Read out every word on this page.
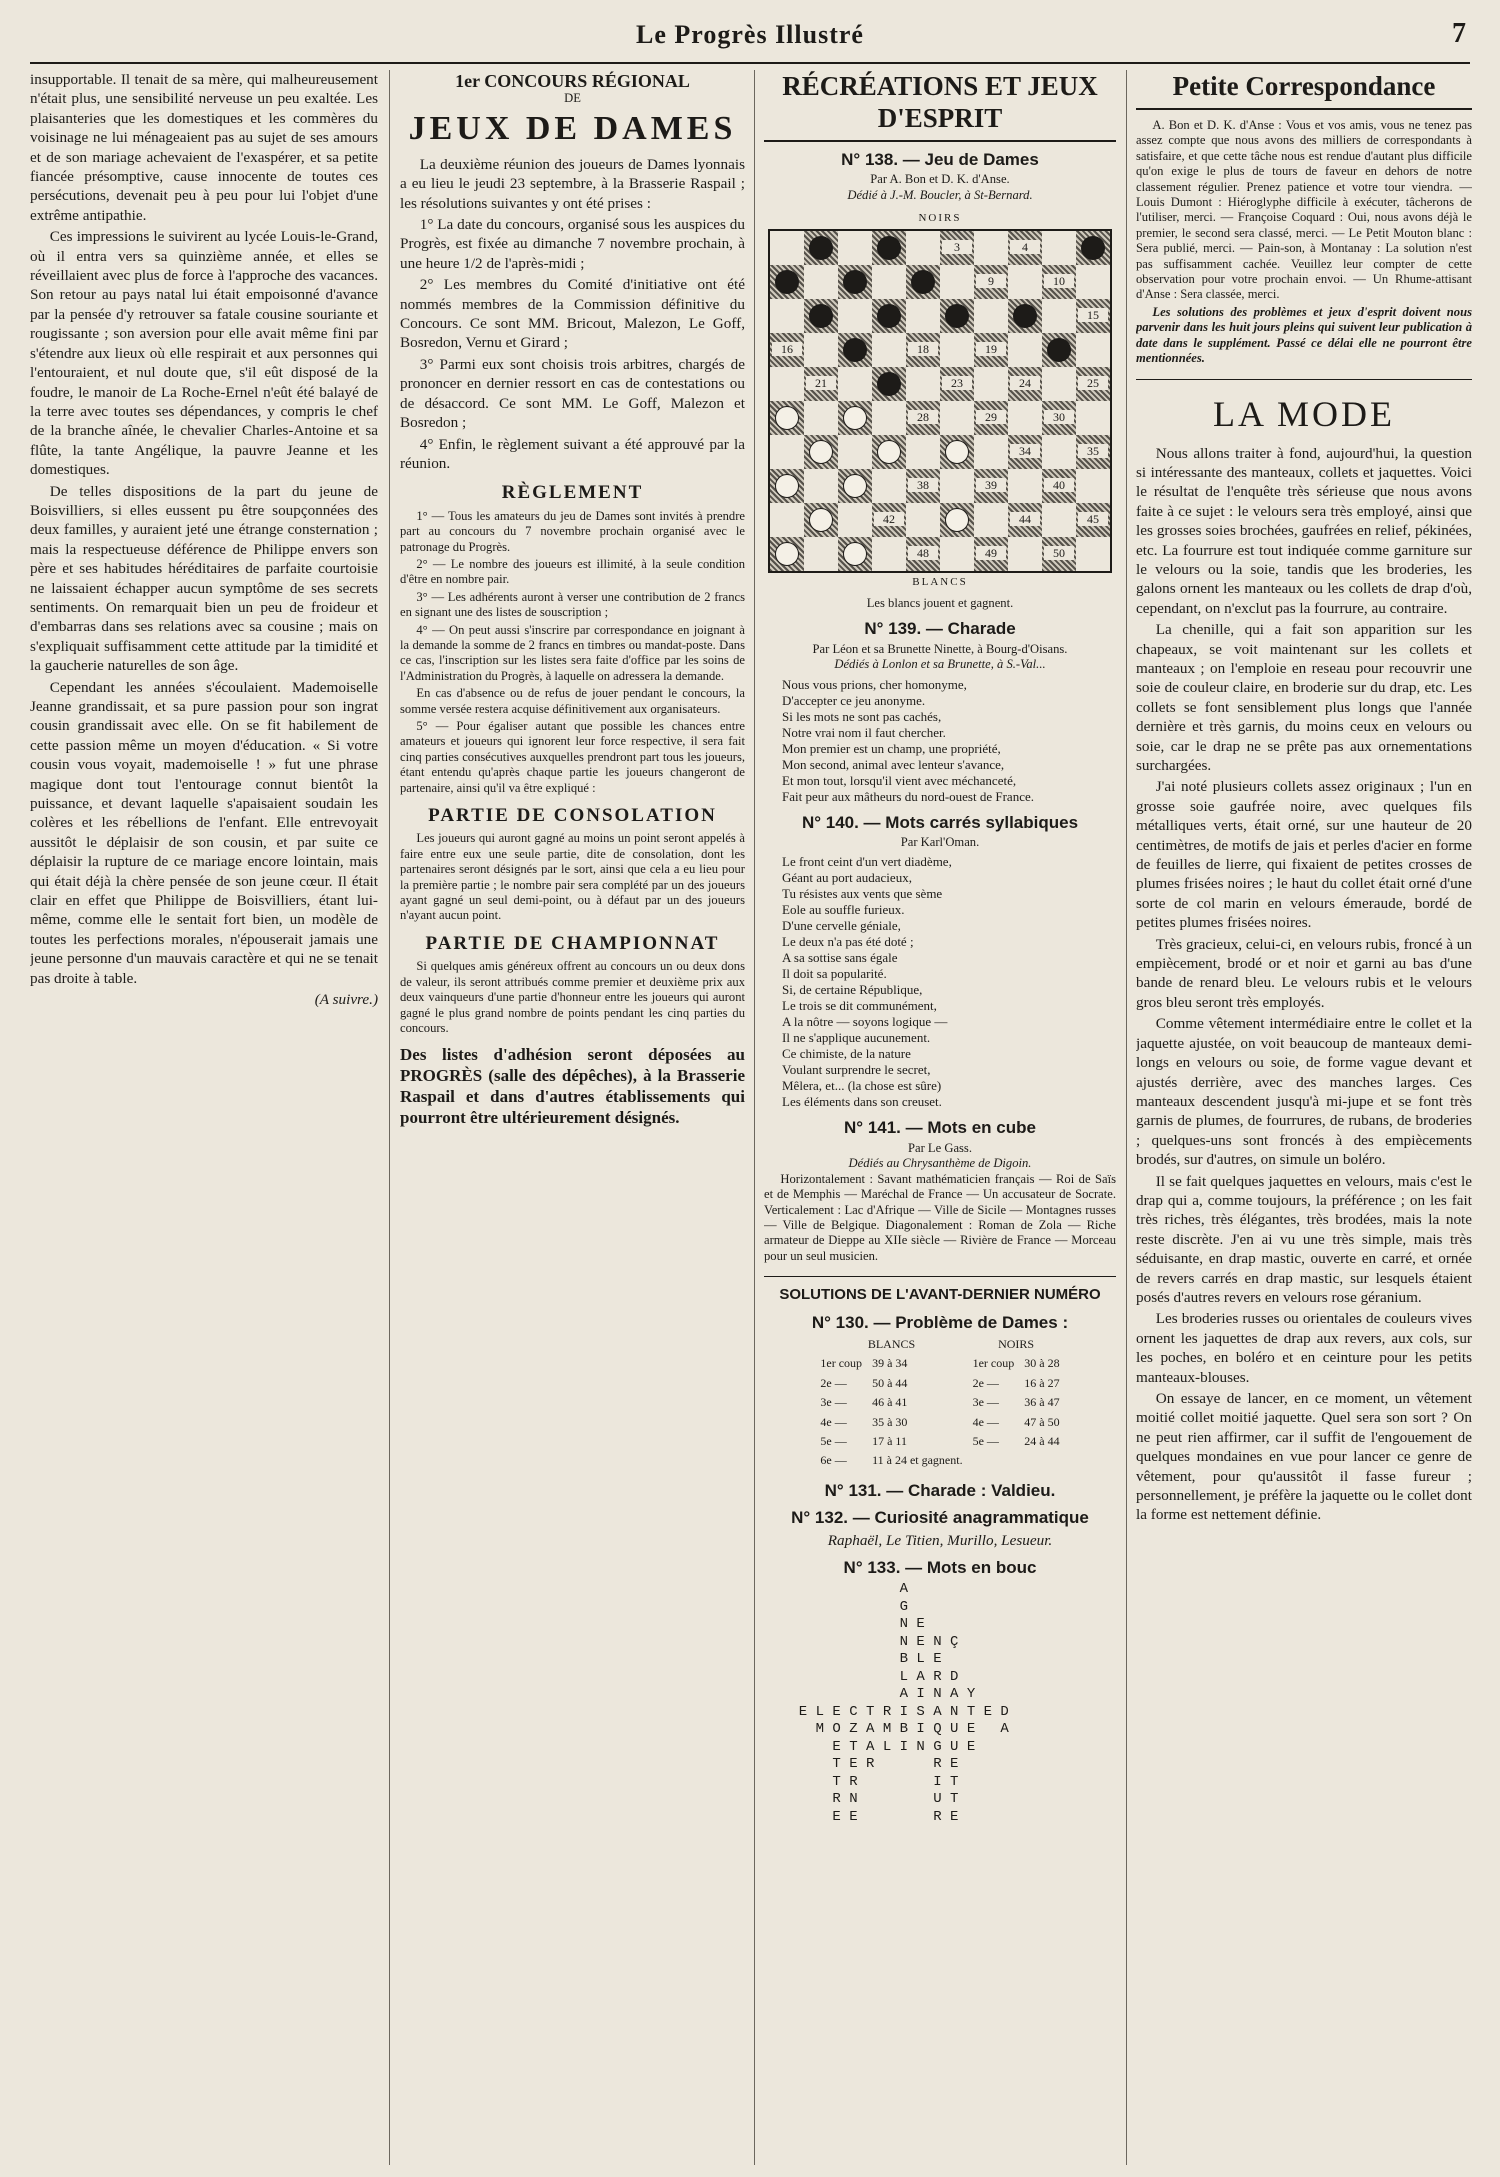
Le Progrès Illustré	7

insupportable. Il tenait de sa mère, qui malheureusement n'était plus, une sensibilité nerveuse un peu exaltée. Les plaisanteries que les domestiques et les commères du voisinage ne lui ménageaient pas au sujet de ses amours et de son mariage achevaient de l'exaspérer, et sa petite fiancée présomptive, cause innocente de toutes ces persécutions, devenait peu à peu pour lui l'objet d'une extrême antipathie.

Ces impressions le suivirent au lycée Louis-le-Grand, où il entra vers sa quinzième année, et elles se réveillaient avec plus de force à l'approche des vacances. Son retour au pays natal lui était empoisonné d'avance par la pensée d'y retrouver sa fatale cousine souriante et rougissante ; son aversion pour elle avait même fini par s'étendre aux lieux où elle respirait et aux personnes qui l'entouraient, et nul doute que, s'il eût disposé de la foudre, le manoir de La Roche-Ernel n'eût été balayé de la terre avec toutes ses dépendances, y compris le chef de la branche aînée, le chevalier Charles-Antoine et sa flûte, la tante Angélique, la pauvre Jeanne et les domestiques.

De telles dispositions de la part du jeune de Boisvilliers, si elles eussent pu être soupçonnées des deux familles, y auraient jeté une étrange consternation ; mais la respectueuse déférence de Philippe envers son père et ses habitudes héréditaires de parfaite courtoisie ne laissaient échapper aucun symptôme de ses secrets sentiments. On remarquait bien un peu de froideur et d'embarras dans ses relations avec sa cousine ; mais on s'expliquait suffisamment cette attitude par la timidité et la gaucherie naturelles de son âge.

Cependant les années s'écoulaient. Mademoiselle Jeanne grandissait, et sa pure passion pour son ingrat cousin grandissait avec elle. On se fit habilement de cette passion même un moyen d'éducation. « Si votre cousin vous voyait, mademoiselle ! » fut une phrase magique dont tout l'entourage connut bientôt la puissance, et devant laquelle s'apaisaient soudain les colères et les rébellions de l'enfant. Elle entrevoyait aussitôt le déplaisir de son cousin, et par suite ce déplaisir la rupture de ce mariage encore lointain, mais qui était déjà la chère pensée de son jeune cœur. Il était clair en effet que Philippe de Boisvilliers, étant lui-même, comme elle le sentait fort bien, un modèle de toutes les perfections morales, n'épouserait jamais une jeune personne d'un mauvais caractère et qui ne se tenait pas droite à table.

(A suivre.)

1er CONCOURS RÉGIONAL
DE
JEUX DE DAMES

La deuxième réunion des joueurs de Dames lyonnais a eu lieu le jeudi 23 septembre, à la Brasserie Raspail ; les résolutions suivantes y ont été prises :

1° La date du concours, organisé sous les auspices du Progrès, est fixée au dimanche 7 novembre prochain, à une heure 1/2 de l'après-midi ;

2° Les membres du Comité d'initiative ont été nommés membres de la Commission définitive du Concours. Ce sont MM. Bricout, Malezon, Le Goff, Bosredon, Vernu et Girard ;

3° Parmi eux sont choisis trois arbitres, chargés de prononcer en dernier ressort en cas de contestations ou de désaccord. Ce sont MM. Le Goff, Malezon et Bosredon ;

4° Enfin, le règlement suivant a été approuvé par la réunion.

RÈGLEMENT

1° — Tous les amateurs du jeu de Dames sont invités à prendre part au concours du 7 novembre prochain organisé avec le patronage du Progrès.

2° — Le nombre des joueurs est illimité, à la seule condition d'être en nombre pair.

3° — Les adhérents auront à verser une contribution de 2 francs en signant une des listes de souscription ;

4° — On peut aussi s'inscrire par correspondance en joignant à la demande la somme de 2 francs en timbres ou mandat-poste. Dans ce cas, l'inscription sur les listes sera faite d'office par les soins de l'Administration du Progrès, à laquelle on adressera la demande.

En cas d'absence ou de refus de jouer pendant le concours, la somme versée restera acquise définitivement aux organisateurs.

5° — Pour égaliser autant que possible les chances entre amateurs et joueurs qui ignorent leur force respective, il sera fait cinq parties consécutives auxquelles prendront part tous les joueurs, étant entendu qu'après chaque partie les joueurs changeront de partenaire, ainsi qu'il va être expliqué :

PARTIE DE CONSOLATION

Les joueurs qui auront gagné au moins un point seront appelés à faire entre eux une seule partie, dite de consolation, dont les partenaires seront désignés par le sort, ainsi que cela a eu lieu pour la première partie ; le nombre pair sera complété par un des joueurs ayant gagné un seul demi-point, ou à défaut par un des joueurs n'ayant aucun point.

PARTIE DE CHAMPIONNAT

Si quelques amis généreux offrent au concours un ou deux dons de valeur, ils seront attribués comme premier et deuxième prix aux deux vainqueurs d'une partie d'honneur entre les joueurs qui auront gagné le plus grand nombre de points pendant les cinq parties du concours.

Des listes d'adhésion seront déposées au PROGRÈS (salle des dépêches), à la Brasserie Raspail et dans d'autres établissements qui pourront être ultérieurement désignés.

RÉCRÉATIONS ET JEUX D'ESPRIT
N° 138. — Jeu de Dames
Par A. Bon et D. K. d'Anse.
Dédié à J.-M. Boucler, à St-Bernard.
NOIRS
3	4
9	10
15
16	18	19
21	23	24	25
28	29	30
34	35
38	39	40
42	44	45
48	49	50
BLANCS
Les blancs jouent et gagnent.
N° 139. — Charade
Par Léon et sa Brunette Ninette, à Bourg-d'Oisans.
Dédiés à Lonlon et sa Brunette, à S.-Val...
Nous vous prions, cher homonyme,
D'accepter ce jeu anonyme.
Si les mots ne sont pas cachés,
Notre vrai nom il faut chercher.
Mon premier est un champ, une propriété,
Mon second, animal avec lenteur s'avance,
Et mon tout, lorsqu'il vient avec méchanceté,
Fait peur aux mâtheurs du nord-ouest de France.
N° 140. — Mots carrés syllabiques
Par Karl'Oman.
Le front ceint d'un vert diadème,
Géant au port audacieux,
Tu résistes aux vents que sème
Eole au souffle furieux.
D'une cervelle géniale,
Le deux n'a pas été doté ;
A sa sottise sans égale
Il doit sa popularité.
Si, de certaine République,
Le trois se dit communément,
A la nôtre — soyons logique —
Il ne s'applique aucunement.
Ce chimiste, de la nature
Voulant surprendre le secret,
Mêlera, et... (la chose est sûre)
Les éléments dans son creuset.
N° 141. — Mots en cube
Par Le Gass.
Dédiés au Chrysanthème de Digoin.

Horizontalement : Savant mathématicien français — Roi de Saïs et de Memphis — Maréchal de France — Un accusateur de Socrate. Verticalement : Lac d'Afrique — Ville de Sicile — Montagnes russes — Ville de Belgique. Diagonalement : Roman de Zola — Riche armateur de Dieppe au XIIe siècle — Rivière de France — Morceau pour un seul musicien.

SOLUTIONS DE L'AVANT-DERNIER NUMÉRO
N° 130. — Problème de Dames :
BLANCS		NOIRS	
1er coup	39 à 34	1er coup	30 à 28
2e —	50 à 44	2e —	16 à 27
3e —	46 à 41	3e —	36 à 47
4e —	35 à 30	4e —	47 à 50
5e —	17 à 11	5e —	24 à 44
6e —	11 à 24 et gagnent.		
N° 131. — Charade : Valdieu.
N° 132. — Curiosité anagrammatique
Raphaël, Le Titien, Murillo, Lesueur.
N° 133. — Mots en bouc
A
G
N E
N E N Ç
B L E
L A R D
A I N A Y
E L E C T R I S A N T E D
M O Z A M B I Q U E   A
E T A L I N G U E
T E R       R E
T R         I T
R N         U T
E E         R E
Petite Correspondance

A. Bon et D. K. d'Anse : Vous et vos amis, vous ne tenez pas assez compte que nous avons des milliers de correspondants à satisfaire, et que cette tâche nous est rendue d'autant plus difficile qu'on exige le plus de tours de faveur en dehors de notre classement régulier. Prenez patience et votre tour viendra. — Louis Dumont : Hiéroglyphe difficile à exécuter, tâcherons de l'utiliser, merci. — Françoise Coquard : Oui, nous avons déjà le premier, le second sera classé, merci. — Le Petit Mouton blanc : Sera publié, merci. — Pain-son, à Montanay : La solution n'est pas suffisamment cachée. Veuillez leur compter de cette observation pour votre prochain envoi. — Un Rhume-attisant d'Anse : Sera classée, merci.

Les solutions des problèmes et jeux d'esprit doivent nous parvenir dans les huit jours pleins qui suivent leur publication à date dans le supplément. Passé ce délai elle ne pourront être mentionnées.

LA MODE

Nous allons traiter à fond, aujourd'hui, la question si intéressante des manteaux, collets et jaquettes. Voici le résultat de l'enquête très sérieuse que nous avons faite à ce sujet : le velours sera très employé, ainsi que les grosses soies brochées, gaufrées en relief, pékinées, etc. La fourrure est tout indiquée comme garniture sur le velours ou la soie, tandis que les broderies, les galons ornent les manteaux ou les collets de drap d'où, cependant, on n'exclut pas la fourrure, au contraire.

La chenille, qui a fait son apparition sur les chapeaux, se voit maintenant sur les collets et manteaux ; on l'emploie en reseau pour recouvrir une soie de couleur claire, en broderie sur du drap, etc. Les collets se font sensiblement plus longs que l'année dernière et très garnis, du moins ceux en velours ou soie, car le drap ne se prête pas aux ornementations surchargées.

J'ai noté plusieurs collets assez originaux ; l'un en grosse soie gaufrée noire, avec quelques fils métalliques verts, était orné, sur une hauteur de 20 centimètres, de motifs de jais et perles d'acier en forme de feuilles de lierre, qui fixaient de petites crosses de plumes frisées noires ; le haut du collet était orné d'une sorte de col marin en velours émeraude, bordé de petites plumes frisées noires.

Très gracieux, celui-ci, en velours rubis, froncé à un empiècement, brodé or et noir et garni au bas d'une bande de renard bleu. Le velours rubis et le velours gros bleu seront très employés.

Comme vêtement intermédiaire entre le collet et la jaquette ajustée, on voit beaucoup de manteaux demi-longs en velours ou soie, de forme vague devant et ajustés derrière, avec des manches larges. Ces manteaux descendent jusqu'à mi-jupe et se font très garnis de plumes, de fourrures, de rubans, de broderies ; quelques-uns sont froncés à des empiècements brodés, sur d'autres, on simule un boléro.

Il se fait quelques jaquettes en velours, mais c'est le drap qui a, comme toujours, la préférence ; on les fait très riches, très élégantes, très brodées, mais la note reste discrète. J'en ai vu une très simple, mais très séduisante, en drap mastic, ouverte en carré, et ornée de revers carrés en drap mastic, sur lesquels étaient posés d'autres revers en velours rose géranium.

Les broderies russes ou orientales de couleurs vives ornent les jaquettes de drap aux revers, aux cols, sur les poches, en boléro et en ceinture pour les petits manteaux-blouses.

On essaye de lancer, en ce moment, un vêtement moitié collet moitié jaquette. Quel sera son sort ? On ne peut rien affirmer, car il suffit de l'engouement de quelques mondaines en vue pour lancer ce genre de vêtement, pour qu'aussitôt il fasse fureur ; personnellement, je préfère la jaquette ou le collet dont la forme est nettement définie.
